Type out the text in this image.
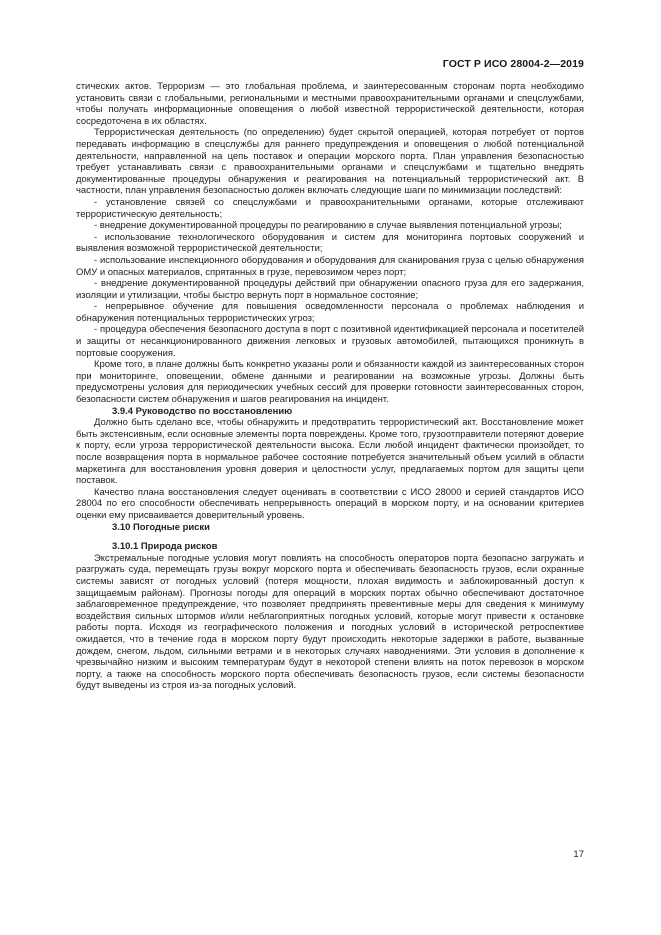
ГОСТ Р ИСО 28004-2—2019

стических актов. Терроризм — это глобальная проблема, и заинтересованным сторонам порта необходимо установить связи с глобальными, региональными и местными правоохранительными органами и спецслужбами, чтобы получать информационные оповещения о любой известной террористической деятельности, которая сосредоточена в их областях.

Террористическая деятельность (по определению) будет скрытой операцией, которая потребует от портов передавать информацию в спецслужбы для раннего предупреждения и оповещения о любой потенциальной деятельности, направленной на цепь поставок и операции морского порта. План управления безопасностью требует устанавливать связи с правоохранительными органами и спецслужбами и тщательно внедрять документированные процедуры обнаружения и реагирования на потенциальный террористический акт. В частности, план управления безопасностью должен включать следующие шаги по минимизации последствий:

- установление связей со спецслужбами и правоохранительными органами, которые отслеживают террористическую деятельность;

- внедрение документированной процедуры по реагированию в случае выявления потенциальной угрозы;

- использование технологического оборудования и систем для мониторинга портовых сооружений и выявления возможной террористической деятельности;

- использование инспекционного оборудования и оборудования для сканирования груза с целью обнаружения ОМУ и опасных материалов, спрятанных в грузе, перевозимом через порт;

- внедрение документированной процедуры действий при обнаружении опасного груза для его задержания, изоляции и утилизации, чтобы быстро вернуть порт в нормальное состояние;

- непрерывное обучение для повышения осведомленности персонала о проблемах наблюдения и обнаружения потенциальных террористических угроз;

- процедура обеспечения безопасного доступа в порт с позитивной идентификацией персонала и посетителей и защиты от несанкционированного движения легковых и грузовых автомобилей, пытающихся проникнуть в портовые сооружения.

Кроме того, в плане должны быть конкретно указаны роли и обязанности каждой из заинтересованных сторон при мониторинге, оповещении, обмене данными и реагировании на возможные угрозы. Должны быть предусмотрены условия для периодических учебных сессий для проверки готовности заинтересованных сторон, безопасности систем обнаружения и шагов реагирования на инцидент.

3.9.4 Руководство по восстановлению

Должно быть сделано все, чтобы обнаружить и предотвратить террористический акт. Восстановление может быть экстенсивным, если основные элементы порта повреждены. Кроме того, грузоотправители потеряют доверие к порту, если угроза террористической деятельности высока. Если любой инцидент фактически произойдет, то после возвращения порта в нормальное рабочее состояние потребуется значительный объем усилий в области маркетинга для восстановления уровня доверия и целостности услуг, предлагаемых портом для защиты цепи поставок.

Качество плана восстановления следует оценивать в соответствии с ИСО 28000 и серией стандартов ИСО 28004 по его способности обеспечивать непрерывность операций в морском порту, и на основании критериев оценки ему присваивается доверительный уровень.

3.10 Погодные риски

3.10.1 Природа рисков

Экстремальные погодные условия могут повлиять на способность операторов порта безопасно загружать и разгружать суда, перемещать грузы вокруг морского порта и обеспечивать безопасность грузов, если охранные системы зависят от погодных условий (потеря мощности, плохая видимость и заблокированный доступ к защищаемым районам). Прогнозы погоды для операций в морских портах обычно обеспечивают достаточное заблаговременное предупреждение, что позволяет предпринять превентивные меры для сведения к минимуму воздействия сильных штормов и/или неблагоприятных погодных условий, которые могут привести к остановке работы порта. Исходя из географического положения и погодных условий в исторической ретроспективе ожидается, что в течение года в морском порту будут происходить некоторые задержки в работе, вызванные дождем, снегом, льдом, сильными ветрами и в некоторых случаях наводнениями. Эти условия в дополнение к чрезвычайно низким и высоким температурам будут в некоторой степени влиять на поток перевозок в морском порту, а также на способность морского порта обеспечивать безопасность грузов, если системы безопасности будут выведены из строя из-за погодных условий.

17
